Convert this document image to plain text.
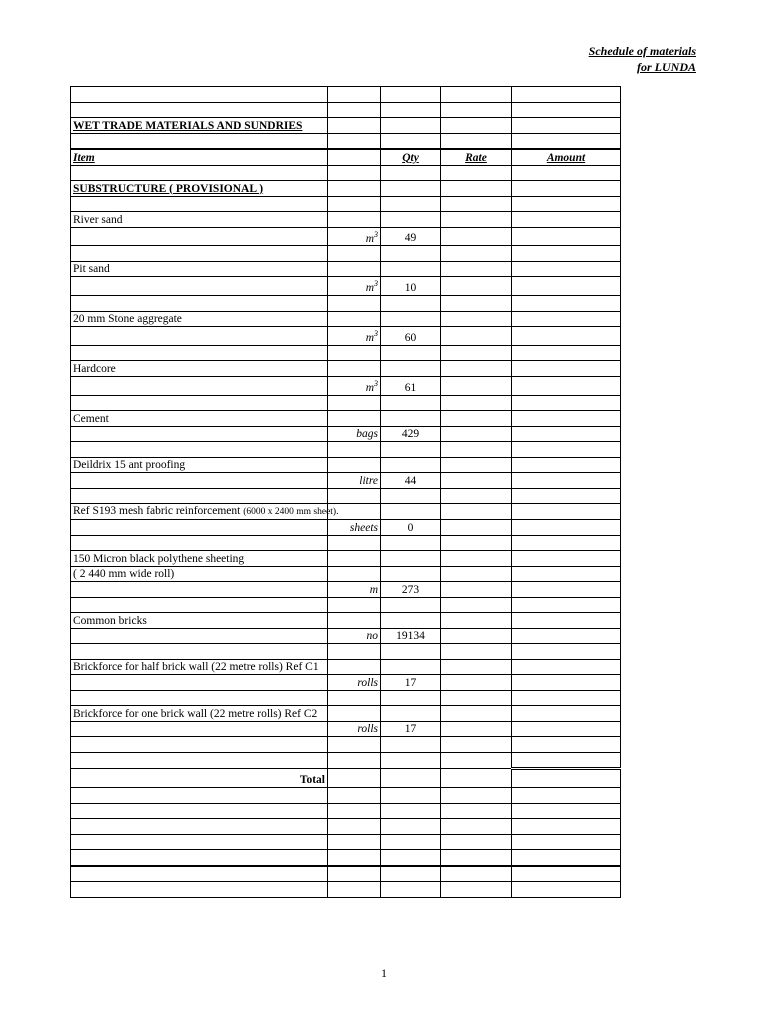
Schedule of materials
for LUNDA

WET TRADE MATERIALS AND SUNDRIES				

Item		Qty	Rate	Amount

SUBSTRUCTURE ( PROVISIONAL )				

River sand				
	$m^3$	49		

Pit sand				
	$m^3$	10		

20 mm Stone aggregate				
	$m^3$	60		

Hardcore				
	$m^3$	61		

Cement				
	bags	429		

Deildrix 15 ant proofing				
	litre	44		

Ref S193 mesh fabric reinforcement (6000 x 2400 mm sheet).				
	sheets	0		

150 Micron black polythene sheeting				
( 2 440 mm wide roll)				
	m	273		

Common bricks				
	no	19134		

Brickforce for half brick wall (22 metre rolls) Ref C1				
	rolls	17		

Brickforce for one brick wall (22 metre rolls) Ref C2				
	rolls	17		

Total				

1
